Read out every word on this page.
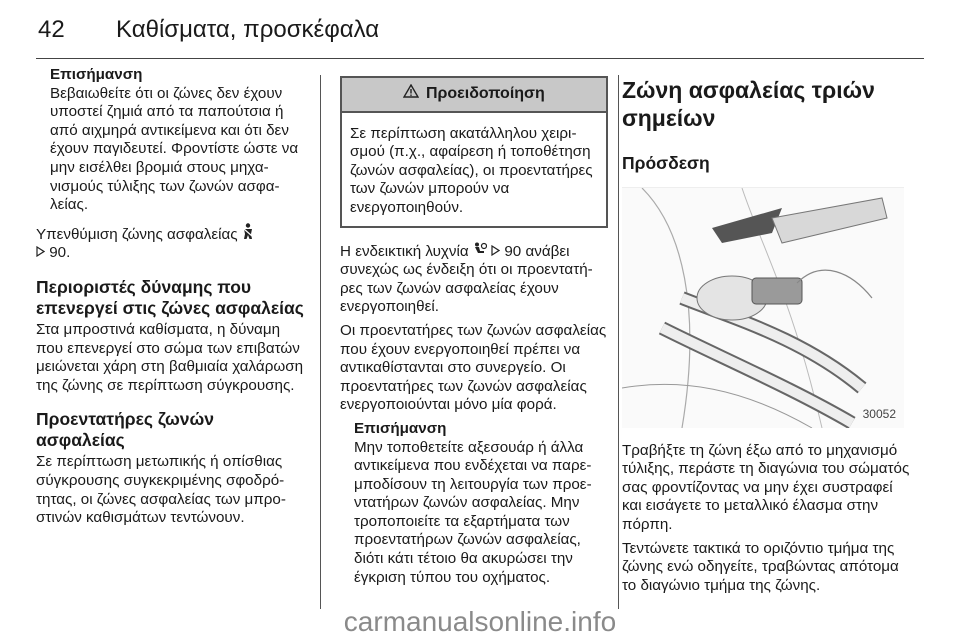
42 Καθίσματα, προσκέφαλα
Επισήμανση

Βεβαιωθείτε ότι οι ζώνες δεν έχουν υποστεί ζημιά από τα παπούτσια ή από αιχμηρά αντικείμενα και ότι δεν έχουν παγιδευτεί. Φροντίστε ώστε να μην εισέλθει βρομιά στους μηχανισμούς τύλιξης των ζωνών ασφαλείας.

Υπενθύμιση ζώνης ασφαλείας
90.

Περιοριστές δύναμης που επενεργεί στις ζώνες ασφαλείας

Στα μπροστινά καθίσματα, η δύναμη που επενεργεί στο σώμα των επιβατών μειώνεται χάρη στη βαθμιαία χαλάρωση της ζώνης σε περίπτωση σύγκρουσης.

Προεντατήρες ζωνών ασφαλείας

Σε περίπτωση μετωπικής ή οπίσθιας σύγκρουσης συγκεκριμένης σφοδρότητας, οι ζώνες ασφαλείας των μπροστινών καθισμάτων τεντώνουν.

Προειδοποίηση
Σε περίπτωση ακατάλληλου χειρισμού (π.χ., αφαίρεση ή τοποθέτηση ζωνών ασφαλείας), οι προεντατήρες των ζωνών μπορούν να ενεργοποιηθούν.

Η ενδεικτική λυχνία 90 ανάβει συνεχώς ως ένδειξη ότι οι προεντατήρες των ζωνών ασφαλείας έχουν ενεργοποιηθεί.

Οι προεντατήρες των ζωνών ασφαλείας που έχουν ενεργοποιηθεί πρέπει να αντικαθίστανται στο συνεργείο. Οι προεντατήρες των ζωνών ασφαλείας ενεργοποιούνται μόνο μία φορά.

Επισήμανση

Μην τοποθετείτε αξεσουάρ ή άλλα αντικείμενα που ενδέχεται να παρεμποδίσουν τη λειτουργία των προεντατήρων ζωνών ασφαλείας. Μην τροποποιείτε τα εξαρτήματα των προεντατήρων ζωνών ασφαλείας, διότι κάτι τέτοιο θα ακυρώσει την έγκριση τύπου του οχήματος.

Ζώνη ασφαλείας τριών σημείων
Πρόσδεση
30052

Τραβήξτε τη ζώνη έξω από το μηχανισμό τύλιξης, περάστε τη διαγώνια του σώματός σας φροντίζοντας να μην έχει συστραφεί και εισάγετε το μεταλλικό έλασμα στην πόρπη.

Τεντώνετε τακτικά το οριζόντιο τμήμα της ζώνης ενώ οδηγείτε, τραβώντας απότομα το διαγώνιο τμήμα της ζώνης.

carmanualsonline.info
